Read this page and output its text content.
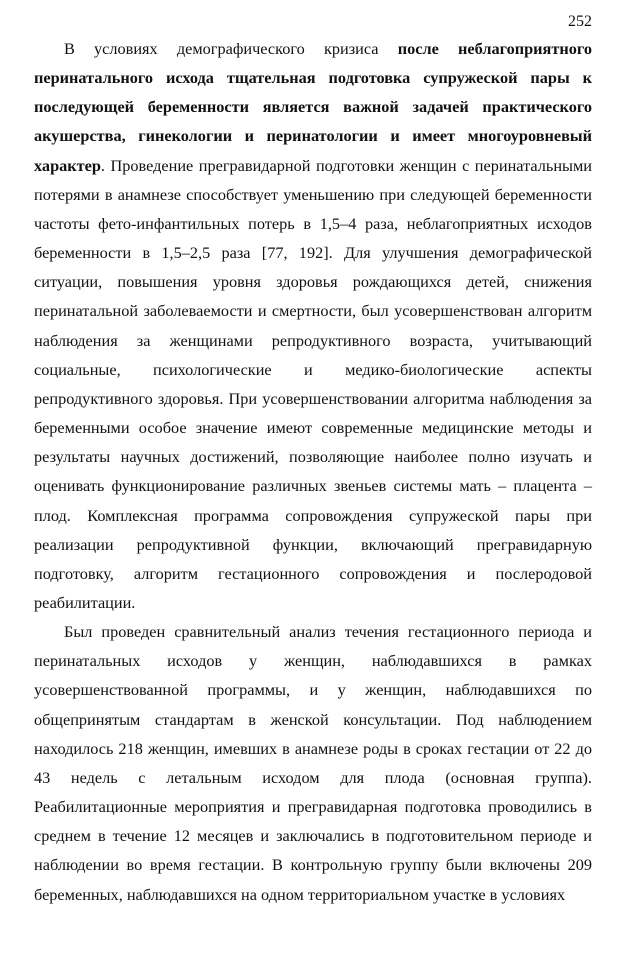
252

В условиях демографического кризиса после неблагоприятного перинатального исхода тщательная подготовка супружеской пары к последующей беременности является важной задачей практического акушерства, гинекологии и перинатологии и имеет многоуровневый характер. Проведение прегравидарной подготовки женщин с перинатальными потерями в анамнезе способствует уменьшению при следующей беременности частоты фето-инфантильных потерь в 1,5–4 раза, неблагоприятных исходов беременности в 1,5–2,5 раза [77, 192]. Для улучшения демографической ситуации, повышения уровня здоровья рождающихся детей, снижения перинатальной заболеваемости и смертности, был усовершенствован алгоритм наблюдения за женщинами репродуктивного возраста, учитывающий социальные, психологические и медико-биологические аспекты репродуктивного здоровья. При усовершенствовании алгоритма наблюдения за беременными особое значение имеют современные медицинские методы и результаты научных достижений, позволяющие наиболее полно изучать и оценивать функционирование различных звеньев системы мать – плацента – плод. Комплексная программа сопровождения супружеской пары при реализации репродуктивной функции, включающий прегравидарную подготовку, алгоритм гестационного сопровождения и послеродовой реабилитации.

Был проведен сравнительный анализ течения гестационного периода и перинатальных исходов у женщин, наблюдавшихся в рамках усовершенствованной программы, и у женщин, наблюдавшихся по общепринятым стандартам в женской консультации. Под наблюдением находилось 218 женщин, имевших в анамнезе роды в сроках гестации от 22 до 43 недель с летальным исходом для плода (основная группа). Реабилитационные мероприятия и прегравидарная подготовка проводились в среднем в течение 12 месяцев и заключались в подготовительном периоде и наблюдении во время гестации. В контрольную группу были включены 209 беременных, наблюдавшихся на одном территориальном участке в условиях
